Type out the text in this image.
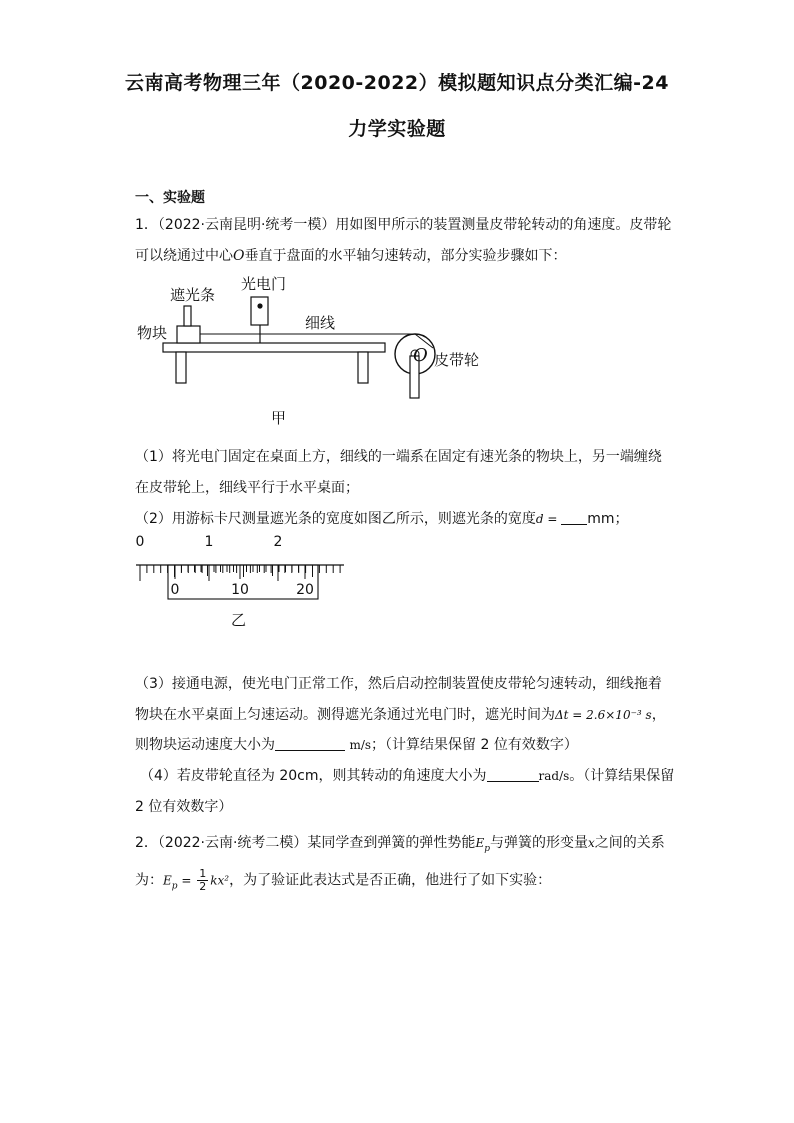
云南高考物理三年（2020-2022）模拟题知识点分类汇编-24
力学实验题
一、实验题
1．（2022·云南昆明·统考一模）用如图甲所示的装置测量皮带轮转动的角速度。皮带轮
可以绕通过中心O垂直于盘面的水平轴匀速转动，部分实验步骤如下：
遮光条
光电门
物块
细线
O 皮带轮
甲
（1）将光电门固定在桌面上方，细线的一端系在固定有速光条的物块上，另一端缠绕
在皮带轮上，细线平行于水平桌面；
（2）用游标卡尺测量遮光条的宽度如图乙所示，则遮光条的宽度d = mm；
0	1	2
0	10	20
乙
（3）接通电源，使光电门正常工作，然后启动控制装置使皮带轮匀速转动，细线拖着
物块在水平桌面上匀速运动。测得遮光条通过光电门时，遮光时间为Δt = 2.6×10⁻³ s，
则物块运动速度大小为	m/s；（计算结果保留 2 位有效数字）
（4）若皮带轮直径为 20cm，则其转动的角速度大小为	rad/s。（计算结果保留
2 位有效数字）
2．（2022·云南·统考二模）某同学查到弹簧的弹性势能$E_p$与弹簧的形变量x之间的关系
为：$E_p = \frac{1}{2} kx^2$，为了验证此表达式是否正确，他进行了如下实验：
